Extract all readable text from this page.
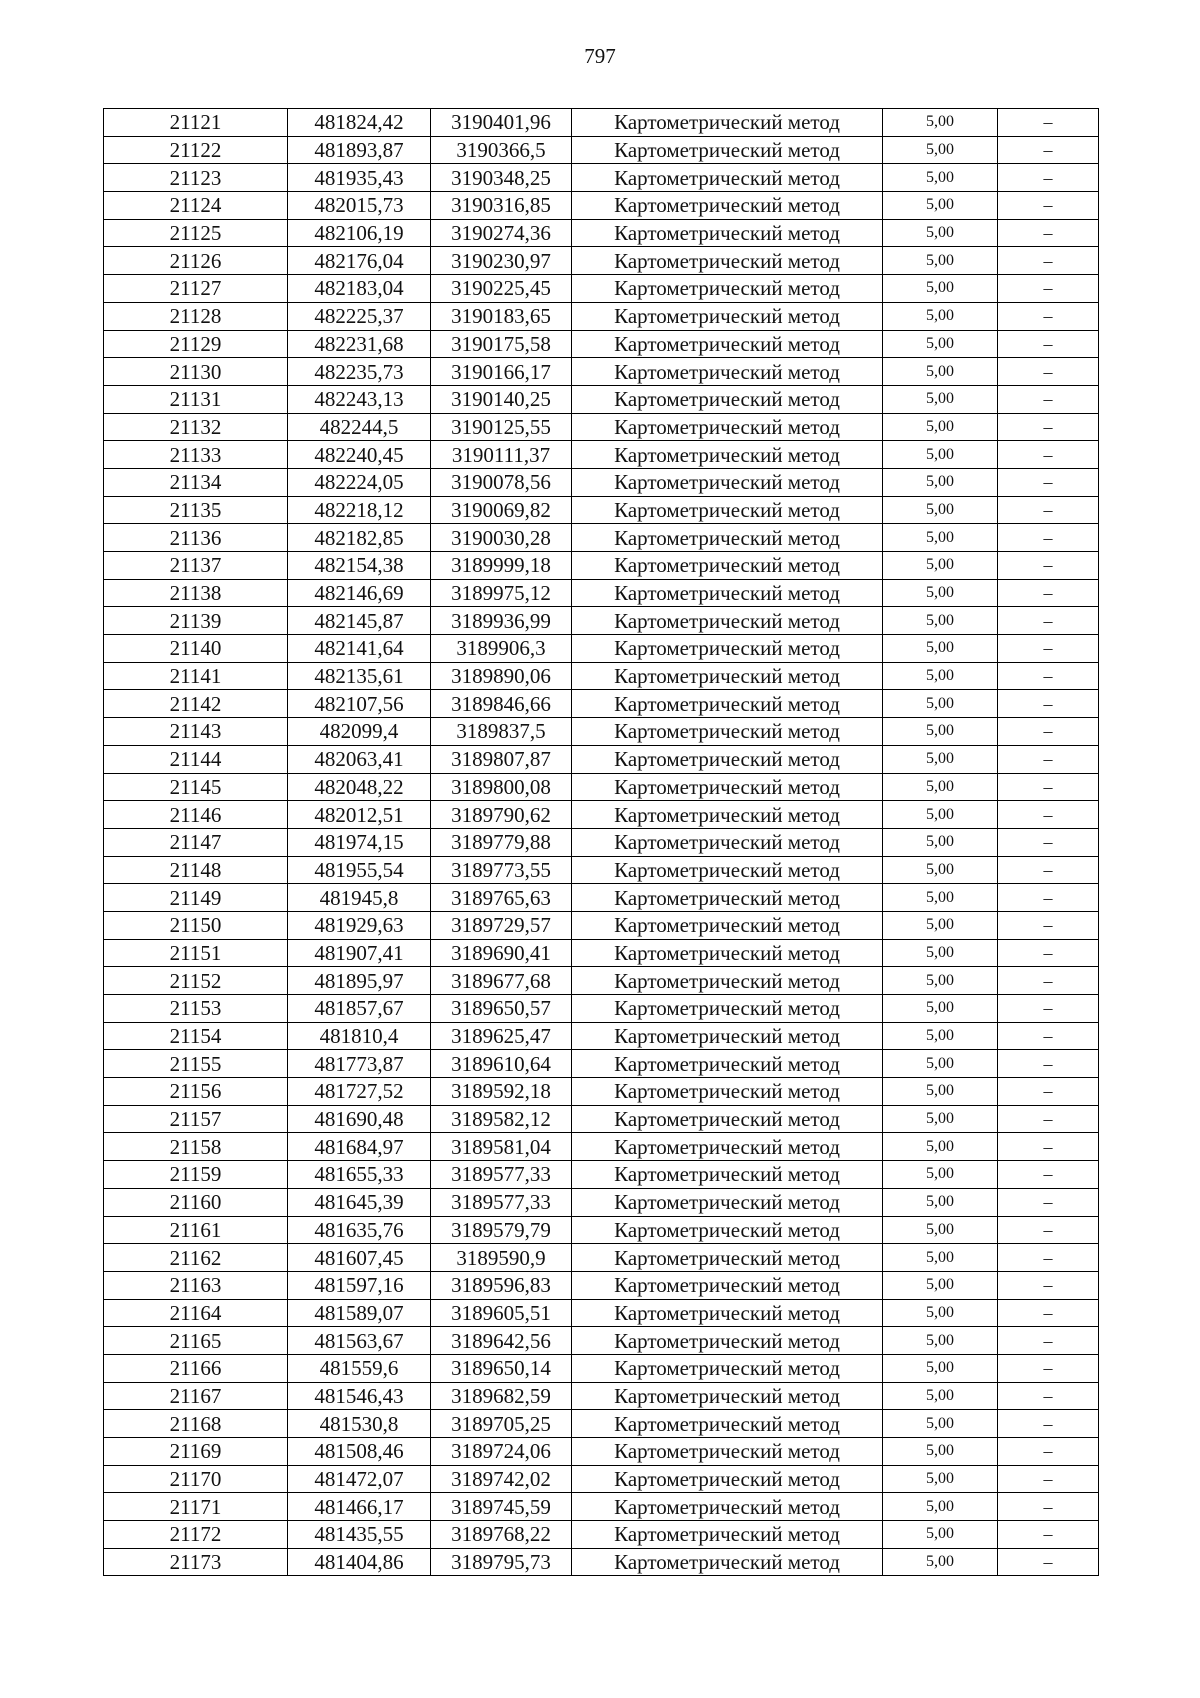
797
21121	481824,42	3190401,96	Картометрический метод	5,00	–
21122	481893,87	3190366,5	Картометрический метод	5,00	–
21123	481935,43	3190348,25	Картометрический метод	5,00	–
21124	482015,73	3190316,85	Картометрический метод	5,00	–
21125	482106,19	3190274,36	Картометрический метод	5,00	–
21126	482176,04	3190230,97	Картометрический метод	5,00	–
21127	482183,04	3190225,45	Картометрический метод	5,00	–
21128	482225,37	3190183,65	Картометрический метод	5,00	–
21129	482231,68	3190175,58	Картометрический метод	5,00	–
21130	482235,73	3190166,17	Картометрический метод	5,00	–
21131	482243,13	3190140,25	Картометрический метод	5,00	–
21132	482244,5	3190125,55	Картометрический метод	5,00	–
21133	482240,45	3190111,37	Картометрический метод	5,00	–
21134	482224,05	3190078,56	Картометрический метод	5,00	–
21135	482218,12	3190069,82	Картометрический метод	5,00	–
21136	482182,85	3190030,28	Картометрический метод	5,00	–
21137	482154,38	3189999,18	Картометрический метод	5,00	–
21138	482146,69	3189975,12	Картометрический метод	5,00	–
21139	482145,87	3189936,99	Картометрический метод	5,00	–
21140	482141,64	3189906,3	Картометрический метод	5,00	–
21141	482135,61	3189890,06	Картометрический метод	5,00	–
21142	482107,56	3189846,66	Картометрический метод	5,00	–
21143	482099,4	3189837,5	Картометрический метод	5,00	–
21144	482063,41	3189807,87	Картометрический метод	5,00	–
21145	482048,22	3189800,08	Картометрический метод	5,00	–
21146	482012,51	3189790,62	Картометрический метод	5,00	–
21147	481974,15	3189779,88	Картометрический метод	5,00	–
21148	481955,54	3189773,55	Картометрический метод	5,00	–
21149	481945,8	3189765,63	Картометрический метод	5,00	–
21150	481929,63	3189729,57	Картометрический метод	5,00	–
21151	481907,41	3189690,41	Картометрический метод	5,00	–
21152	481895,97	3189677,68	Картометрический метод	5,00	–
21153	481857,67	3189650,57	Картометрический метод	5,00	–
21154	481810,4	3189625,47	Картометрический метод	5,00	–
21155	481773,87	3189610,64	Картометрический метод	5,00	–
21156	481727,52	3189592,18	Картометрический метод	5,00	–
21157	481690,48	3189582,12	Картометрический метод	5,00	–
21158	481684,97	3189581,04	Картометрический метод	5,00	–
21159	481655,33	3189577,33	Картометрический метод	5,00	–
21160	481645,39	3189577,33	Картометрический метод	5,00	–
21161	481635,76	3189579,79	Картометрический метод	5,00	–
21162	481607,45	3189590,9	Картометрический метод	5,00	–
21163	481597,16	3189596,83	Картометрический метод	5,00	–
21164	481589,07	3189605,51	Картометрический метод	5,00	–
21165	481563,67	3189642,56	Картометрический метод	5,00	–
21166	481559,6	3189650,14	Картометрический метод	5,00	–
21167	481546,43	3189682,59	Картометрический метод	5,00	–
21168	481530,8	3189705,25	Картометрический метод	5,00	–
21169	481508,46	3189724,06	Картометрический метод	5,00	–
21170	481472,07	3189742,02	Картометрический метод	5,00	–
21171	481466,17	3189745,59	Картометрический метод	5,00	–
21172	481435,55	3189768,22	Картометрический метод	5,00	–
21173	481404,86	3189795,73	Картометрический метод	5,00	–
